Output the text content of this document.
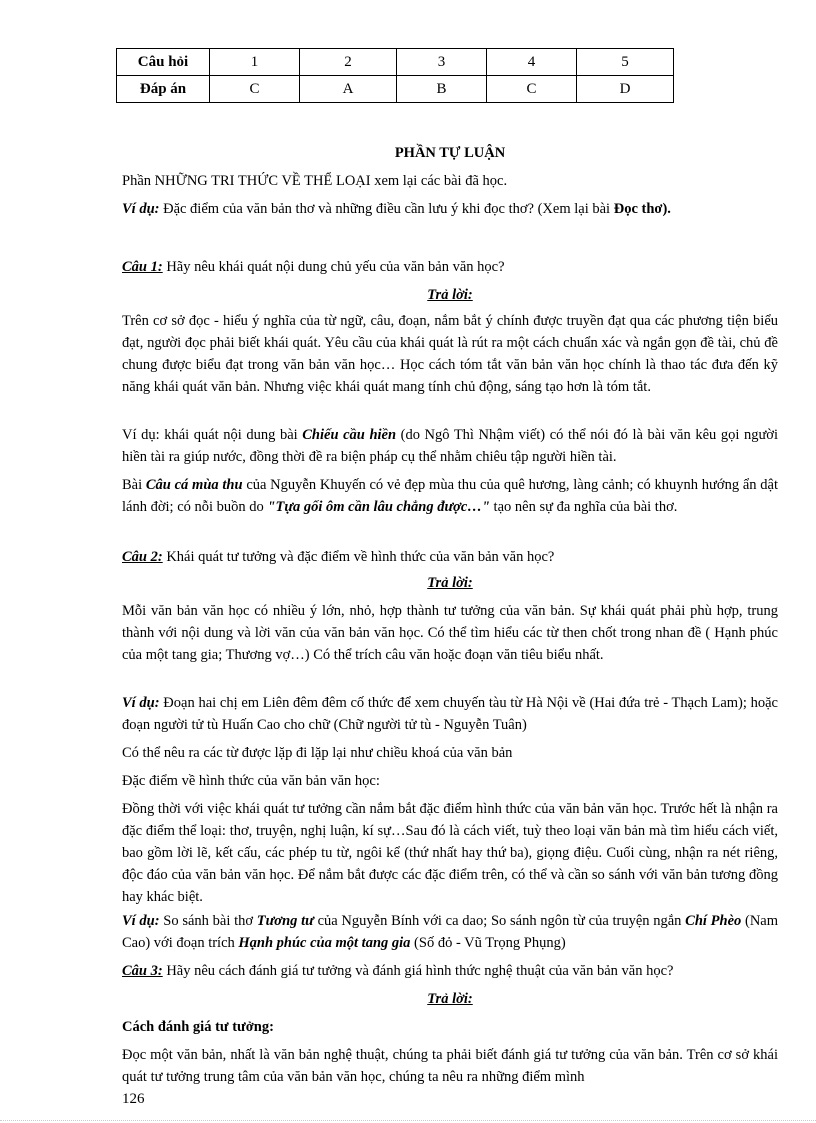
Câu hỏi	1	2	3	4	5
Đáp án	C	A	B	C	D
PHẦN TỰ LUẬN
Phần NHỮNG TRI THỨC VỀ THỂ LOẠI xem lại các bài đã học.
Ví dụ: Đặc điểm của văn bản thơ và những điều cần lưu ý khi đọc thơ? (Xem lại bài Đọc thơ).
Câu 1: Hãy nêu khái quát nội dung chủ yếu của văn bản văn học?
Trả lời:
Trên cơ sở đọc - hiểu ý nghĩa của từ ngữ, câu, đoạn, nắm bắt ý chính được truyền đạt qua các phương tiện biểu đạt, người đọc phải biết khái quát. Yêu cầu của khái quát là rút ra một cách chuẩn xác và ngắn gọn đề tài, chủ đề chung được biểu đạt trong văn bản văn học… Học cách tóm tắt văn bản văn học chính là thao tác đưa đến kỹ năng khái quát văn bản. Nhưng việc khái quát mang tính chủ động, sáng tạo hơn là tóm tắt.
Ví dụ: khái quát nội dung bài Chiếu cầu hiền (do Ngô Thì Nhậm viết) có thể nói đó là bài văn kêu gọi người hiền tài ra giúp nước, đồng thời đề ra biện pháp cụ thể nhằm chiêu tập người hiền tài.
Bài Câu cá mùa thu của Nguyễn Khuyến có vẻ đẹp mùa thu của quê hương, làng cảnh; có khuynh hướng ẩn dật lánh đời; có nỗi buồn do "Tựa gối ôm cần lâu chẳng được…" tạo nên sự đa nghĩa của bài thơ.
Câu 2: Khái quát tư tưởng và đặc điểm về hình thức của văn bản văn học?
Trả lời:
Mỗi văn bản văn học có nhiều ý lớn, nhỏ, hợp thành tư tưởng của văn bản. Sự khái quát phải phù hợp, trung thành với nội dung và lời văn của văn bản văn học. Có thể tìm hiểu các từ then chốt trong nhan đề ( Hạnh phúc của một tang gia; Thương vợ…) Có thể trích câu văn hoặc đoạn văn tiêu biểu nhất.
Ví dụ: Đoạn hai chị em Liên đêm đêm cố thức để xem chuyến tàu từ Hà Nội về (Hai đứa trẻ - Thạch Lam); hoặc đoạn người tử tù Huấn Cao cho chữ (Chữ người tử tù - Nguyễn Tuân)
Có thể nêu ra các từ được lặp đi lặp lại như chiều khoá của văn bản
Đặc điểm về hình thức của văn bản văn học:
Đồng thời với việc khái quát tư tưởng cần nắm bắt đặc điểm hình thức của văn bản văn học. Trước hết là nhận ra đặc điểm thể loại: thơ, truyện, nghị luận, kí sự…Sau đó là cách viết, tuỳ theo loại văn bản mà tìm hiểu cách viết, bao gồm lời lẽ, kết cấu, các phép tu từ, ngôi kể (thứ nhất hay thứ ba), giọng điệu. Cuối cùng, nhận ra nét riêng, độc đáo của văn bản văn học. Để nắm bắt được các đặc điểm trên, có thể và cần so sánh với văn bản tương đồng hay khác biệt.
Ví dụ: So sánh bài thơ Tương tư của Nguyễn Bính với ca dao; So sánh ngôn từ của truyện ngắn Chí Phèo (Nam Cao) với đoạn trích Hạnh phúc của một tang gia (Số đỏ - Vũ Trọng Phụng)
Câu 3: Hãy nêu cách đánh giá tư tưởng và đánh giá hình thức nghệ thuật của văn bản văn học?
Trả lời:
Cách đánh giá tư tưởng:
Đọc một văn bản, nhất là văn bản nghệ thuật, chúng ta phải biết đánh giá tư tưởng của văn bản. Trên cơ sở khái quát tư tưởng trung tâm của văn bản văn học, chúng ta nêu ra những điểm mình
126
